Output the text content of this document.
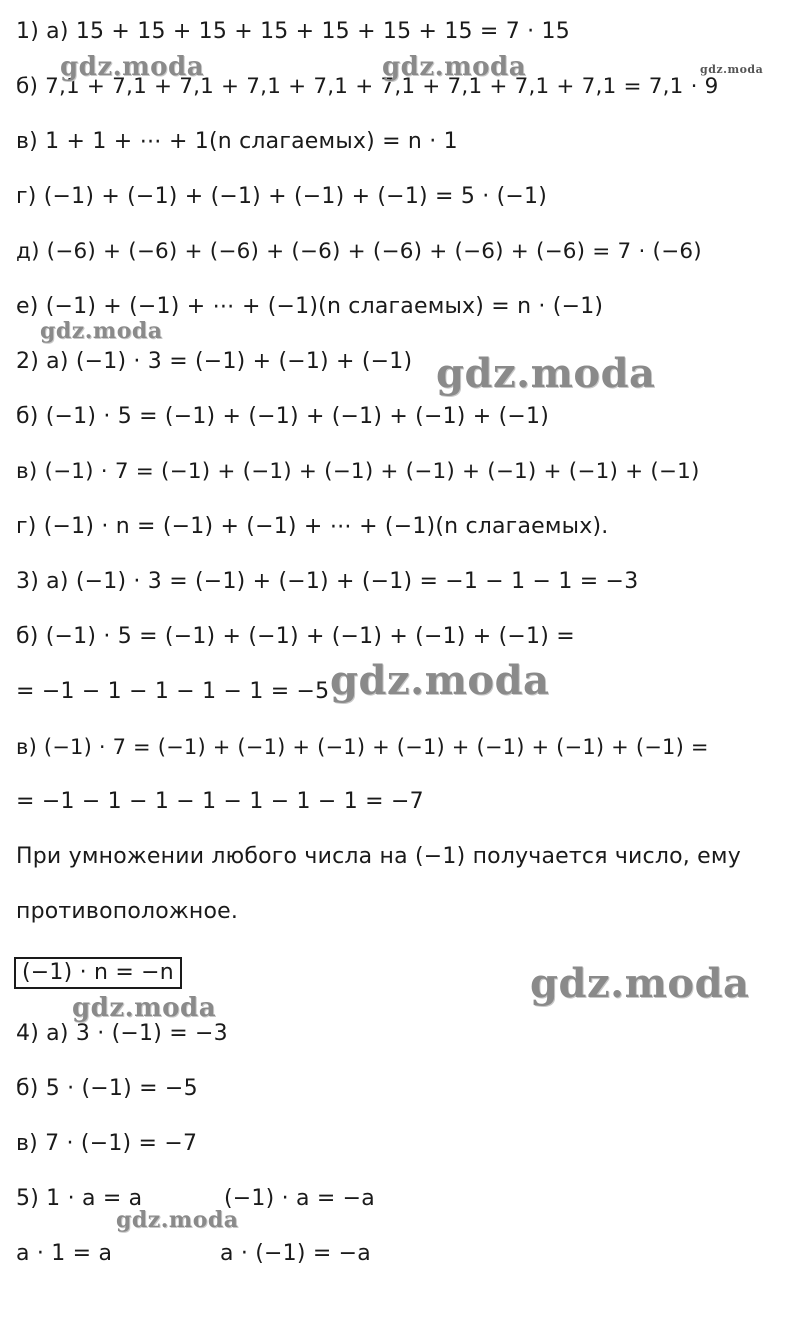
1) а) 15 + 15 + 15 + 15 + 15 + 15 + 15 = 7 · 15
б) 7,1 + 7,1 + 7,1 + 7,1 + 7,1 + 7,1 + 7,1 + 7,1 + 7,1 = 7,1 · 9
в) 1 + 1 + ⋯ + 1(n слагаемых) = n · 1
г) (−1) + (−1) + (−1) + (−1) + (−1) = 5 · (−1)
д) (−6) + (−6) + (−6) + (−6) + (−6) + (−6) + (−6) = 7 · (−6)
е) (−1) + (−1) + ⋯ + (−1)(n слагаемых) = n · (−1)
2) а) (−1) · 3 = (−1) + (−1) + (−1)
б) (−1) · 5 = (−1) + (−1) + (−1) + (−1) + (−1)
в) (−1) · 7 = (−1) + (−1) + (−1) + (−1) + (−1) + (−1) + (−1)
г) (−1) · n = (−1) + (−1) + ⋯ + (−1)(n слагаемых).
3) а) (−1) · 3 = (−1) + (−1) + (−1) = −1 − 1 − 1 = −3
б) (−1) · 5 = (−1) + (−1) + (−1) + (−1) + (−1) =
= −1 − 1 − 1 − 1 − 1 = −5
в) (−1) · 7 = (−1) + (−1) + (−1) + (−1) + (−1) + (−1) + (−1) =
= −1 − 1 − 1 − 1 − 1 − 1 − 1 = −7
При умножении любого числа на (−1) получается число, ему
противоположное.
(−1) · n = −n
4) а) 3 · (−1) = −3
б) 5 · (−1) = −5
в) 7 · (−1) = −7
5) 1 · a = a	(−1) · a = −a
a · 1 = a	a · (−1) = −a
gdz.moda	gdz.moda	gdz.moda
gdz.moda
gdz.moda
gdz.moda
gdz.moda
gdz.moda
gdz.moda
